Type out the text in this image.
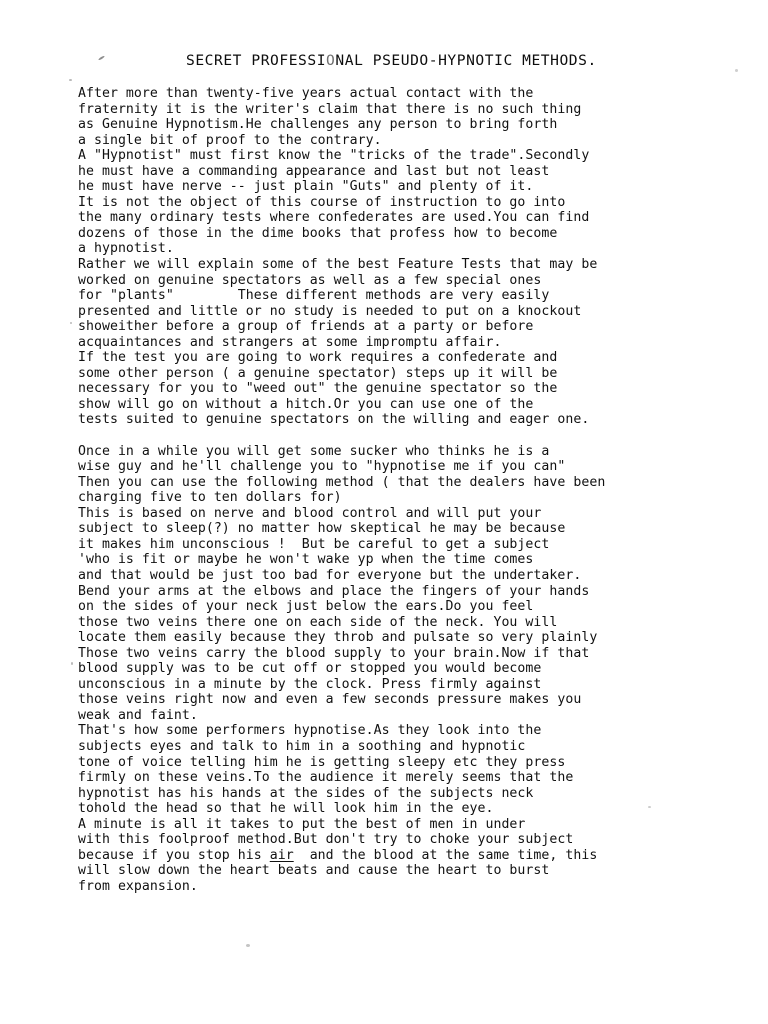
SECRET PROFESSIONAL PSEUDO-HYPNOTIC METHODS.
After more than twenty-five years actual contact with the
fraternity it is the writer's claim that there is no such thing
as Genuine Hypnotism.He challenges any person to bring forth
a single bit of proof to the contrary.
A "Hypnotist" must first know the "tricks of the trade".Secondly
he must have a commanding appearance and last but not least
he must have nerve -- just plain "Guts" and plenty of it.
It is not the object of this course of instruction to go into
the many ordinary tests where confederates are used.You can find
dozens of those in the dime books that profess how to become
a hypnotist.
Rather we will explain some of the best Feature Tests that may be
worked on genuine spectators as well as a few special ones
for "plants"        These different methods are very easily
presented and little or no study is needed to put on a knockout
showeither before a group of friends at a party or before
acquaintances and strangers at some impromptu affair.
If the test you are going to work requires a confederate and
some other person ( a genuine spectator) steps up it will be
necessary for you to "weed out" the genuine spectator so the
show will go on without a hitch.Or you can use one of the
tests suited to genuine spectators on the willing and eager one.
Once in a while you will get some sucker who thinks he is a
wise guy and he'll challenge you to "hypnotise me if you can"
Then you can use the following method ( that the dealers have been
charging five to ten dollars for)
This is based on nerve and blood control and will put your
subject to sleep(?) no matter how skeptical he may be because
it makes him unconscious !  But be careful to get a subject
'who is fit or maybe he won't wake yp when the time comes
and that would be just too bad for everyone but the undertaker.
Bend your arms at the elbows and place the fingers of your hands
on the sides of your neck just below the ears.Do you feel
those two veins there one on each side of the neck. You will
locate them easily because they throb and pulsate so very plainly
Those two veins carry the blood supply to your brain.Now if that
blood supply was to be cut off or stopped you would become
unconscious in a minute by the clock. Press firmly against
those veins right now and even a few seconds pressure makes you
weak and faint.
That's how some performers hypnotise.As they look into the
subjects eyes and talk to him in a soothing and hypnotic
tone of voice telling him he is getting sleepy etc they press
firmly on these veins.To the audience it merely seems that the
hypnotist has his hands at the sides of the subjects neck
tohold the head so that he will look him in the eye.
A minute is all it takes to put the best of men in under
with this foolproof method.But don't try to choke your subject
because if you stop his air  and the blood at the same time, this
will slow down the heart beats and cause the heart to burst
from expansion.
